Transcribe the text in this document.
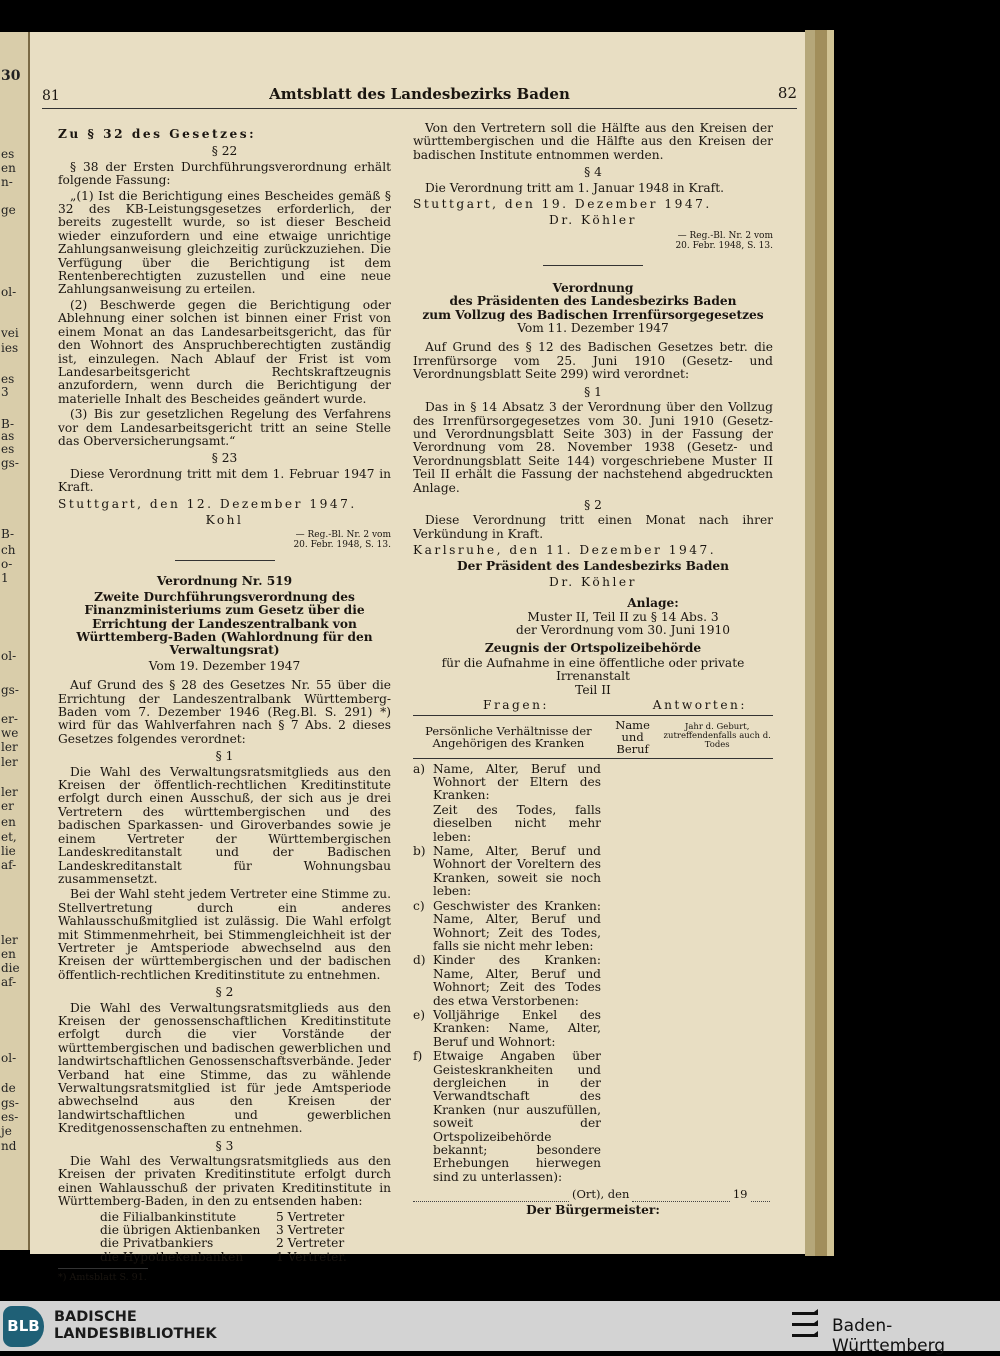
30
es
en
n-
ge
ol-
vei
ies
es
3
B-
as
es
gs-
B-
ch
o-
1
ol-
gs-
er-
we
ler
ler
ler
er
en
et,
lie
af-
ler
en
die
af-
ol-
de
gs-
es-
je
nd
81	Amtsblatt des Landesbezirks Baden	82

Zu § 32 des Gesetzes:

§ 22

§ 38 der Ersten Durchführungsverordnung erhält folgende Fassung:

„(1) Ist die Berichtigung eines Bescheides gemäß § 32 des KB-Leistungsgesetzes erforderlich, der bereits zugestellt wurde, so ist dieser Bescheid wieder einzufordern und eine etwaige unrichtige Zahlungsanweisung gleichzeitig zurückzuziehen. Die Verfügung über die Berichtigung ist dem Rentenberechtigten zuzustellen und eine neue Zahlungsanweisung zu erteilen.

(2) Beschwerde gegen die Berichtigung oder Ablehnung einer solchen ist binnen einer Frist von einem Monat an das Landesarbeitsgericht, das für den Wohnort des Anspruchberechtigten zuständig ist, einzulegen. Nach Ablauf der Frist ist vom Landesarbeitsgericht Rechtskraftzeugnis anzufordern, wenn durch die Berichtigung der materielle Inhalt des Bescheides geändert wurde.

(3) Bis zur gesetzlichen Regelung des Verfahrens vor dem Landesarbeitsgericht tritt an seine Stelle das Oberversicherungsamt.“

§ 23

Diese Verordnung tritt mit dem 1. Februar 1947 in Kraft.

Stuttgart, den 12. Dezember 1947.

Kohl

— Reg.-Bl. Nr. 2 vom

20. Febr. 1948, S. 13.

Verordnung Nr. 519

Zweite Durchführungsverordnung des Finanzministeriums zum Gesetz über die Errichtung der Landeszentralbank von Württemberg-Baden (Wahlordnung für den Verwaltungsrat)

Vom 19. Dezember 1947

Auf Grund des § 28 des Gesetzes Nr. 55 über die Errichtung der Landeszentralbank Württemberg-Baden vom 7. Dezember 1946 (Reg.Bl. S. 291) *) wird für das Wahlverfahren nach § 7 Abs. 2 dieses Gesetzes folgendes verordnet:

§ 1

Die Wahl des Verwaltungsratsmitglieds aus den Kreisen der öffentlich-rechtlichen Kreditinstitute erfolgt durch einen Ausschuß, der sich aus je drei Vertretern des württembergischen und des badischen Sparkassen- und Giroverbandes sowie je einem Vertreter der Württembergischen Landeskreditanstalt und der Badischen Landeskreditanstalt für Wohnungsbau zusammensetzt.

Bei der Wahl steht jedem Vertreter eine Stimme zu. Stellvertretung durch ein anderes Wahlausschußmitglied ist zulässig. Die Wahl erfolgt mit Stimmenmehrheit, bei Stimmengleichheit ist der Vertreter je Amtsperiode abwechselnd aus den Kreisen der württembergischen und der badischen öffentlich-rechtlichen Kreditinstitute zu entnehmen.

§ 2

Die Wahl des Verwaltungsratsmitglieds aus den Kreisen der genossenschaftlichen Kreditinstitute erfolgt durch die vier Vorstände der württembergischen und badischen gewerblichen und landwirtschaftlichen Genossenschaftsverbände. Jeder Verband hat eine Stimme, das zu wählende Verwaltungsratsmitglied ist für jede Amtsperiode abwechselnd aus den Kreisen der landwirtschaftlichen und gewerblichen Kreditgenossenschaften zu entnehmen.

§ 3

Die Wahl des Verwaltungsratsmitglieds aus den Kreisen der privaten Kreditinstitute erfolgt durch einen Wahlausschuß der privaten Kreditinstitute in Württemberg-Baden, in den zu entsenden haben:

die Filialbankinstitute	5 Vertreter
die übrigen Aktienbanken	3 Vertreter
die Privatbankiers	2 Vertreter
die Hypothekenbanken	1 Vertreter.

*) Amtsblatt S. 91.

Von den Vertretern soll die Hälfte aus den Kreisen der württembergischen und die Hälfte aus den Kreisen der badischen Institute entnommen werden.

§ 4

Die Verordnung tritt am 1. Januar 1948 in Kraft.

Stuttgart, den 19. Dezember 1947.

Dr. Köhler

— Reg.-Bl. Nr. 2 vom

20. Febr. 1948, S. 13.

Verordnung

des Präsidenten des Landesbezirks Baden

zum Vollzug des Badischen Irrenfürsorgegesetzes

Vom 11. Dezember 1947

Auf Grund des § 12 des Badischen Gesetzes betr. die Irrenfürsorge vom 25. Juni 1910 (Gesetz- und Verordnungsblatt Seite 299) wird verordnet:

§ 1

Das in § 14 Absatz 3 der Verordnung über den Vollzug des Irrenfürsorgegesetzes vom 30. Juni 1910 (Gesetz- und Verordnungsblatt Seite 303) in der Fassung der Verordnung vom 28. November 1938 (Gesetz- und Verordnungsblatt Seite 144) vorgeschriebene Muster II Teil II erhält die Fassung der nachstehend abgedruckten Anlage.

§ 2

Diese Verordnung tritt einen Monat nach ihrer Verkündung in Kraft.

Karlsruhe, den 11. Dezember 1947.

Der Präsident des Landesbezirks Baden

Dr. Köhler

Anlage:

Muster II, Teil II zu § 14 Abs. 3

der Verordnung vom 30. Juni 1910

Zeugnis der Ortspolizeibehörde

für die Aufnahme in eine öffentliche oder private

Irrenanstalt

Teil II

Fragen:	Antworten:
Persönliche Verhältnisse der Angehörigen des Kranken	Name und Beruf	Jahr d. Geburt, zutreffendenfalls auch d. Todes
a) Name, Alter, Beruf und Wohnort der Eltern des Kranken:
Zeit des Todes, falls dieselben nicht mehr leben:
b) Name, Alter, Beruf und Wohnort der Voreltern des Kranken, soweit sie noch leben:
c) Geschwister des Kranken: Name, Alter, Beruf und Wohnort; Zeit des Todes, falls sie nicht mehr leben:
d) Kinder des Kranken: Name, Alter, Beruf und Wohnort; Zeit des Todes des etwa Verstorbenen:
e) Volljährige Enkel des Kranken: Name, Alter, Beruf und Wohnort:
f) Etwaige Angaben über Geisteskrankheiten und dergleichen in der Verwandtschaft des Kranken (nur auszufüllen, soweit der Ortspolizeibehörde bekannt; besondere Erhebungen hierwegen sind zu unterlassen):
(Ort), den	19

Der Bürgermeister:

BLB BADISCHE
LANDESBIBLIOTHEK	Baden-Württemberg
